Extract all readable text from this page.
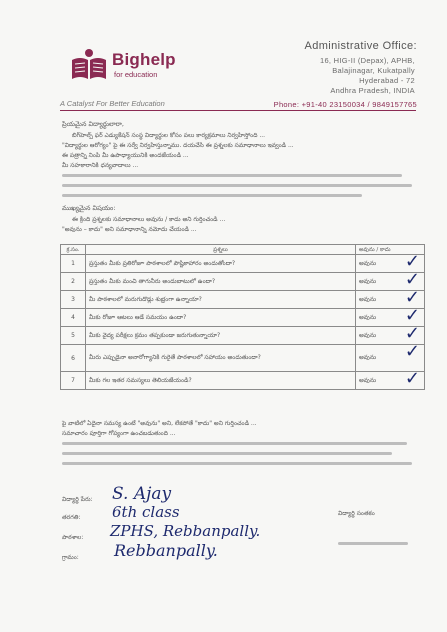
Bighelp
for education
A Catalyst For Better Education
Administrative Office:
16, HIG-II (Depax), APHB,
Balajinagar, Kukatpally
Hyderabad - 72
Andhra Pradesh, INDIA
Phone: +91-40 23150034 / 9849157765
ప్రియమైన విద్యార్థులారా,
బిగ్‌హెల్ప్ ఫర్ ఎడ్యుకేషన్ సంస్థ విద్యార్థుల కోసం పలు కార్యక్రమాలు నిర్వహిస్తోంది ...
"విద్యార్థుల ఆరోగ్యం" పై ఈ సర్వే నిర్వహిస్తున్నాము. దయచేసి ఈ ప్రశ్నలకు సమాధానాలు ఇవ్వండి ...
ఈ పత్రాన్ని నింపి మీ ఉపాధ్యాయునికి అందజేయండి ...
మీ సహకారానికి ధన్యవాదాలు ...
ముఖ్యమైన విషయం:
ఈ క్రింది ప్రశ్నలకు సమాధానాలు అవును / కాదు అని గుర్తించండి ...
"అవును – కాదు" అని సమాధానాన్ని నమోదు చేయండి ...
క్ర.సం.	ప్రశ్నలు	అవును / కాదు
1	ప్రస్తుతం మీకు ప్రతిరోజూ పాఠశాలలో పౌష్టికాహారం అందుతోందా?	అవును ✓

2	ప్రస్తుతం మీకు మంచి తాగునీరు అందుబాటులో ఉందా?	అవును ✓

3	మీ పాఠశాలలో మరుగుదొడ్లు శుభ్రంగా ఉన్నాయా?	అవును ✓

4	మీకు రోజూ ఆటలు ఆడే సమయం ఉందా?	అవును ✓

5	మీకు వైద్య పరీక్షలు క్రమం తప్పకుండా జరుగుతున్నాయా?	అవును ✓

6	మీరు ఎప్పుడైనా అనారోగ్యానికి గురైతే పాఠశాలలో సహాయం అందుతుందా?	అవును ✓

7	మీకు గల ఇతర సమస్యలు తెలియజేయండి?	అవును ✓
పై వాటిలో ఏదైనా సమస్య ఉంటే "అవును" అని, లేకపోతే "కాదు" అని గుర్తించండి ...
సమాచారం పూర్తిగా గోప్యంగా ఉంచబడుతుంది ...
విద్యార్థి పేరు: S. Ajay
తరగతి: 6th class
పాఠశాల: ZPHS, Rebbanpally.
గ్రామం: Rebbanpally.
విద్యార్థి సంతకం
